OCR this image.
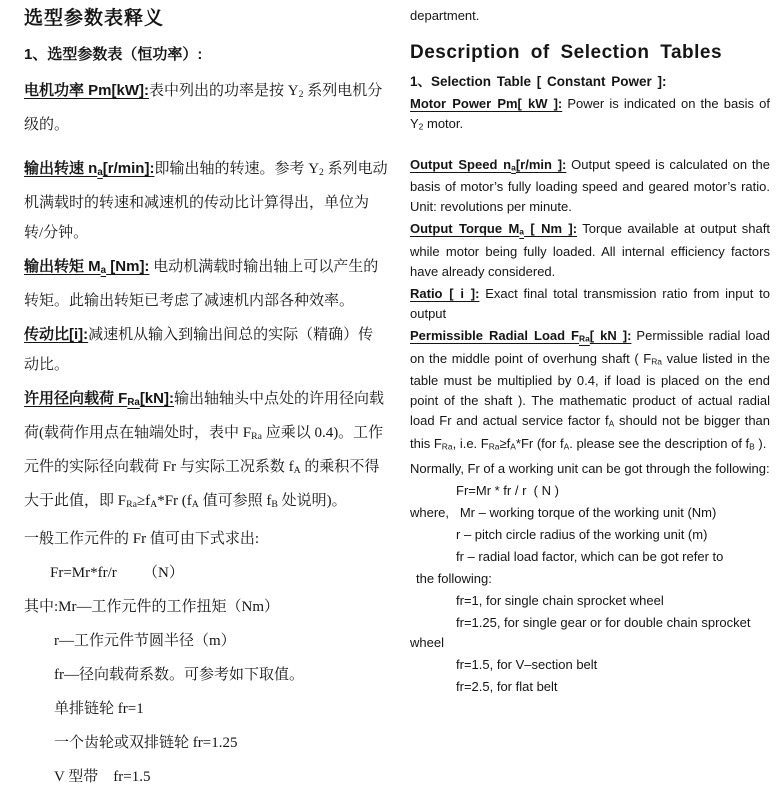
选型参数表释义
1、选型参数表（恒功率）:
电机功率 Pm[kW]:表中列出的功率是按 Y2 系列电机分级的。
输出转速 na[r/min]:即输出轴的转速。参考 Y2 系列电动机满载时的转速和减速机的传动比计算得出，单位为转/分钟。
输出转矩 Ma [Nm]: 电动机满载时输出轴上可以产生的转矩。此输出转矩已考虑了减速机内部各种效率。
传动比[i]:减速机从输入到输出间总的实际（精确）传动比。
许用径向载荷 FRa[kN]:输出轴轴头中点处的许用径向载荷(载荷作用点在轴端处时，表中 FRa 应乘以 0.4)。工作元件的实际径向载荷 Fr 与实际工况系数 fA 的乘积不得大于此值，即 FRa≥fA*Fr (fA 值可参照 fB 处说明)。
一般工作元件的 Fr 值可由下式求出:
Fr=Mr*fr/r       （N）
其中:Mr—工作元件的工作扭矩（Nm）
r—工作元件节圆半径（m）
fr—径向载荷系数。可参考如下取值。
单排链轮 fr=1
一个齿轮或双排链轮 fr=1.25
V 型带    fr=1.5
department.
Description of Selection Tables
1、Selection Table [ Constant Power ]:
Motor Power Pm[ kW ]: Power is indicated on the basis of $Y_2$ motor.
Output Speed $n_a[r/\min$ ]: Output speed is calculated on the basis of motor’s fully loading speed and geared motor’s ratio. Unit: revolutions per minute.
Output Torque $M_a$ [ Nm ]: Torque available at output shaft while motor being fully loaded. All internal efficiency factors have already considered.
Ratio [ i ]: Exact final total transmission ratio from input to output
Permissible Radial Load $F_{Ra}$[ kN ]: Permissible radial load on the middle point of overhung shaft ( $F_{Ra}$ value listed in the table must be multiplied by 0.4, if load is placed on the end point of the shaft ). The mathematic product of actual radial load Fr and actual service factor $f_A$ should not be bigger than this $F_{Ra}$, i.e. $F_{Ra}\ge f_A*Fr$ (for $f_A$. please see the description of $f_B$ ).
Normally, Fr of a working unit can be got through the following:
Fr=Mr * fr / r  ( N )
where,   Mr – working torque of the working unit (Nm)
r – pitch circle radius of the working unit (m)
fr – radial load factor, which can be got refer to
the following:
fr=1, for single chain sprocket wheel
fr=1.25, for single gear or for double chain sprocket wheel
fr=1.5, for V–section belt
fr=2.5, for flat belt
